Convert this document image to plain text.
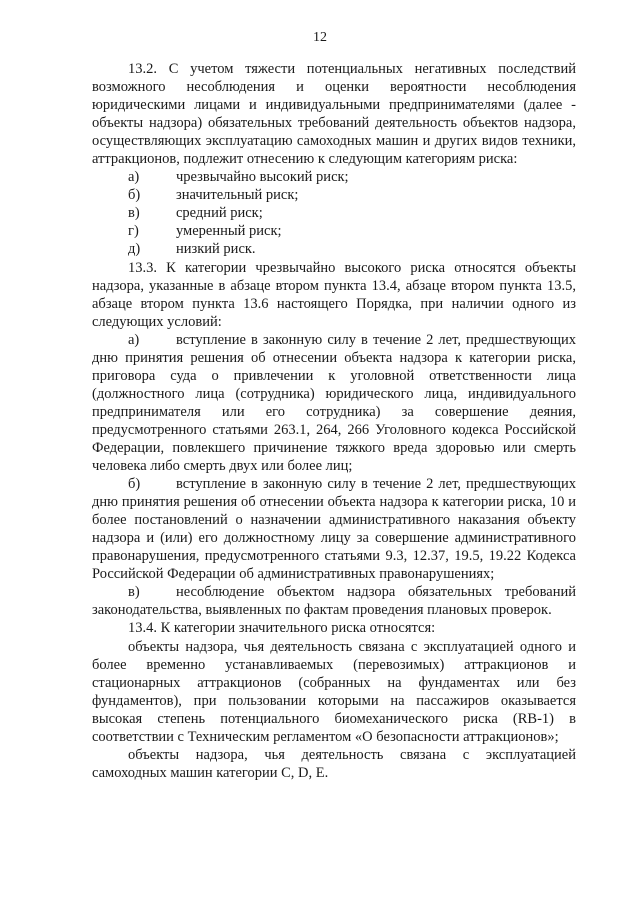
12

13.2. С учетом тяжести потенциальных негативных последствий возможного несоблюдения и оценки вероятности несоблюдения юридическими лицами и индивидуальными предпринимателями (далее - объекты надзора) обязательных требований деятельность объектов надзора, осуществляющих эксплуатацию самоходных машин и других видов техники, аттракционов, подлежит отнесению к следующим категориям риска:

а)	чрезвычайно высокий риск;
б) значительный риск;
в)	средний риск;
г)	умеренный риск;
д) низкий риск.

13.3. К категории чрезвычайно высокого риска относятся объекты надзора, указанные в абзаце втором пункта 13.4, абзаце втором пункта 13.5, абзаце втором пункта 13.6 настоящего Порядка, при наличии одного из следующих условий:

а)	вступление в законную силу в течение 2 лет, предшествующих дню принятия решения об отнесении объекта надзора к категории риска, приговора суда о привлечении к уголовной ответственности лица (должностного лица (сотрудника) юридического лица, индивидуального предпринимателя или его сотрудника) за совершение деяния, предусмотренного статьями 263.1, 264, 266 Уголовного кодекса Российской Федерации, повлекшего причинение тяжкого вреда здоровью или смерть человека либо смерть двух или более лиц;

б) вступление в законную силу в течение 2 лет, предшествующих дню принятия решения об отнесении объекта надзора к категории риска, 10 и более постановлений о назначении административного наказания объекту надзора и (или) его должностному лицу за совершение административного правонарушения, предусмотренного статьями 9.3, 12.37, 19.5, 19.22 Кодекса Российской Федерации об административных правонарушениях;

в)	несоблюдение объектом надзора обязательных требований законодательства, выявленных по фактам проведения плановых проверок.

13.4. К категории значительного риска относятся:

объекты надзора, чья деятельность связана с эксплуатацией одного и более временно устанавливаемых (перевозимых) аттракционов и стационарных аттракционов (собранных на фундаментах или без фундаментов), при пользовании которыми на пассажиров оказывается высокая степень потенциального биомеханического риска (RB-1) в соответствии с Техническим регламентом «О безопасности аттракционов»;

объекты надзора, чья деятельность связана с эксплуатацией самоходных машин категории C, D, E.
